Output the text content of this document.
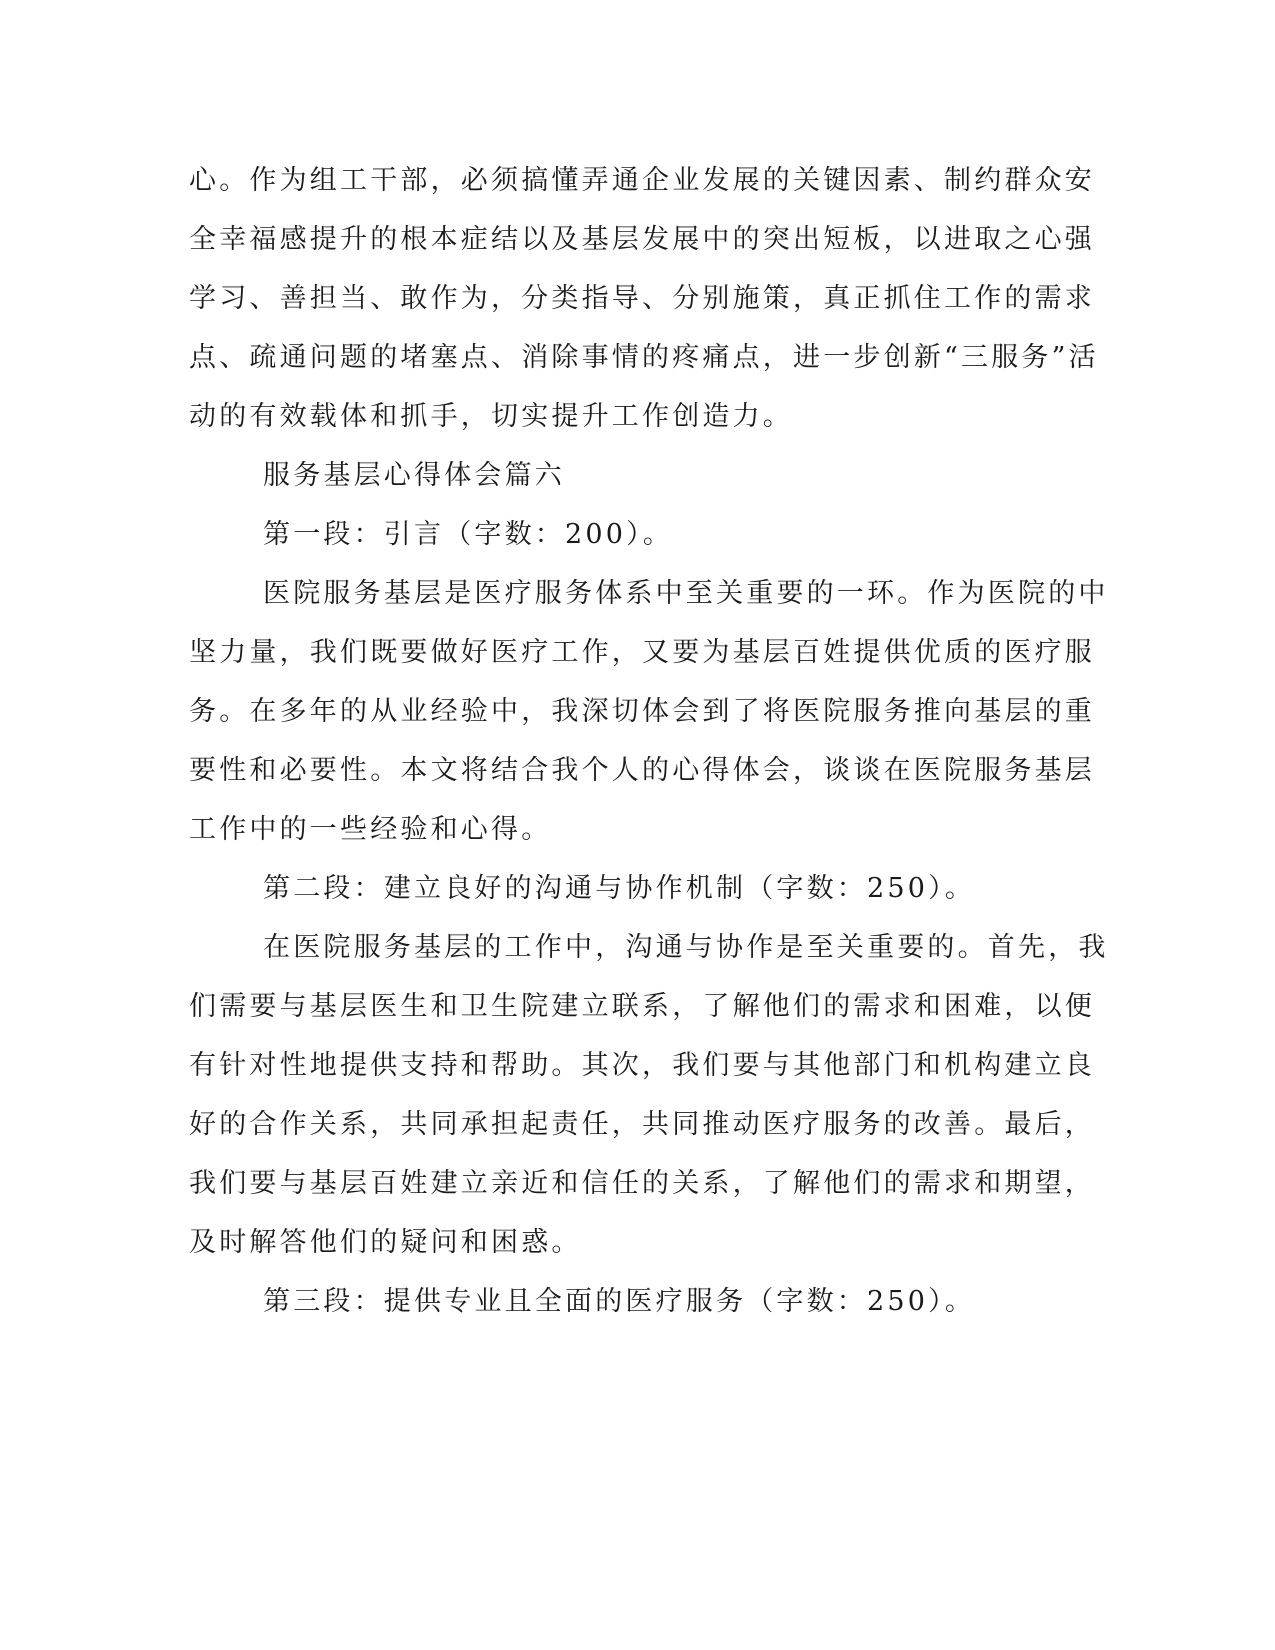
心。作为组工干部，必须搞懂弄通企业发展的关键因素、制约群众安
全幸福感提升的根本症结以及基层发展中的突出短板，以进取之心强
学习、善担当、敢作为，分类指导、分别施策，真正抓住工作的需求
点、疏通问题的堵塞点、消除事情的疼痛点，进一步创新“三服务”活
动的有效载体和抓手，切实提升工作创造力。
服务基层心得体会篇六
第一段：引言（字数：200）。
医院服务基层是医疗服务体系中至关重要的一环。作为医院的中
坚力量，我们既要做好医疗工作，又要为基层百姓提供优质的医疗服
务。在多年的从业经验中，我深切体会到了将医院服务推向基层的重
要性和必要性。本文将结合我个人的心得体会，谈谈在医院服务基层
工作中的一些经验和心得。
第二段：建立良好的沟通与协作机制（字数：250）。
在医院服务基层的工作中，沟通与协作是至关重要的。首先，我
们需要与基层医生和卫生院建立联系，了解他们的需求和困难，以便
有针对性地提供支持和帮助。其次，我们要与其他部门和机构建立良
好的合作关系，共同承担起责任，共同推动医疗服务的改善。最后，
我们要与基层百姓建立亲近和信任的关系，了解他们的需求和期望，
及时解答他们的疑问和困惑。
第三段：提供专业且全面的医疗服务（字数：250）。
